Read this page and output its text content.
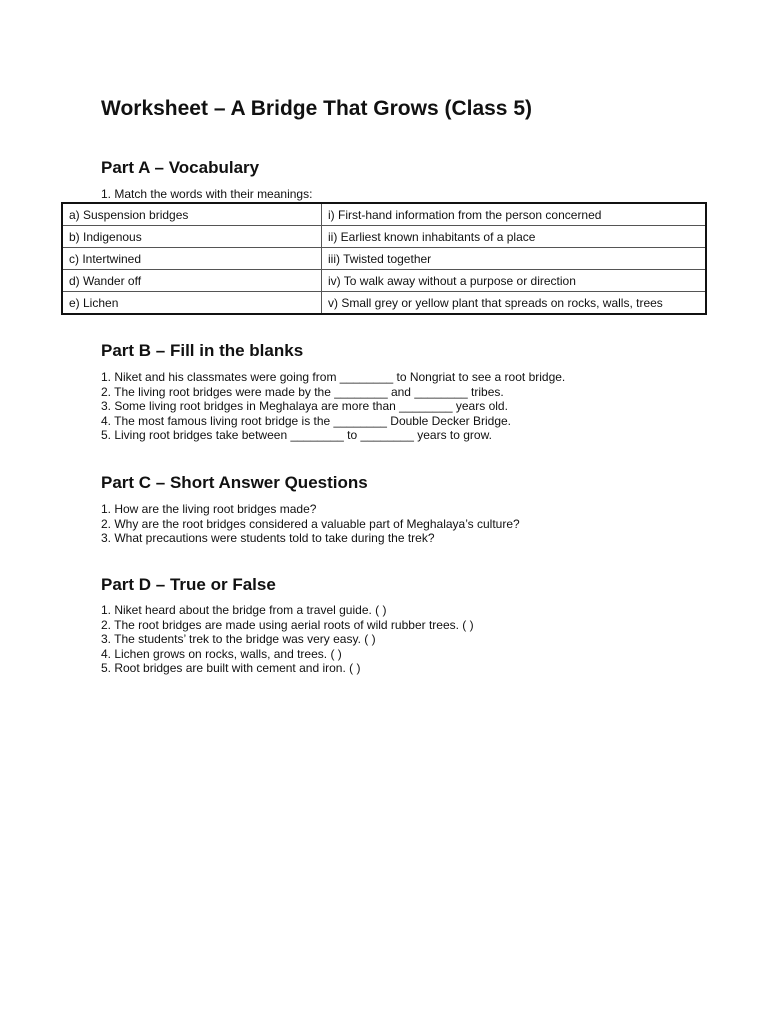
Worksheet – A Bridge That Grows (Class 5)
Part A – Vocabulary

1. Match the words with their meanings:

a) Suspension bridges	i) First-hand information from the person concerned
b) Indigenous	ii) Earliest known inhabitants of a place
c) Intertwined	iii) Twisted together
d) Wander off	iv) To walk away without a purpose or direction
e) Lichen	v) Small grey or yellow plant that spreads on rocks, walls, trees
Part B – Fill in the blanks
1. Niket and his classmates were going from ________ to Nongriat to see a root bridge.
2. The living root bridges were made by the ________ and ________ tribes.
3. Some living root bridges in Meghalaya are more than ________ years old.
4. The most famous living root bridge is the ________ Double Decker Bridge.
5. Living root bridges take between ________ to ________ years to grow.
Part C – Short Answer Questions
1. How are the living root bridges made?
2. Why are the root bridges considered a valuable part of Meghalaya’s culture?
3. What precautions were students told to take during the trek?
Part D – True or False
1. Niket heard about the bridge from a travel guide. ( )
2. The root bridges are made using aerial roots of wild rubber trees. ( )
3. The students’ trek to the bridge was very easy. ( )
4. Lichen grows on rocks, walls, and trees. ( )
5. Root bridges are built with cement and iron. ( )
